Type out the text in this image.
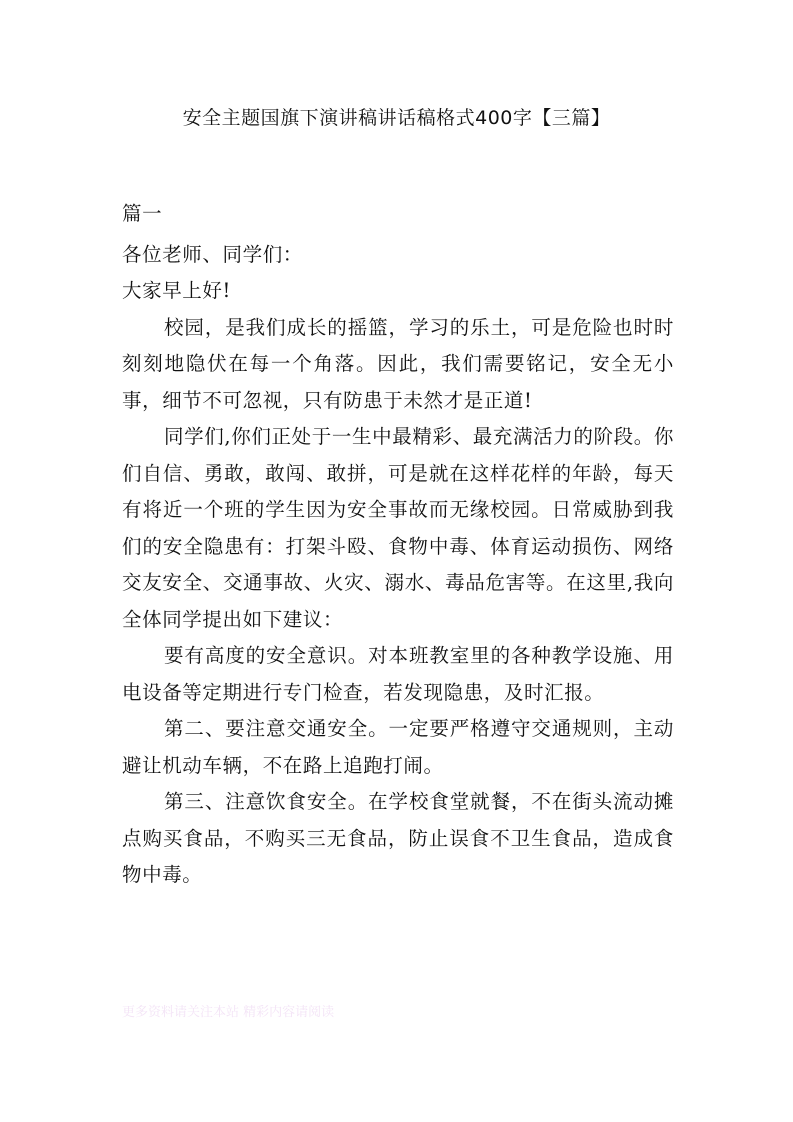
安全主题国旗下演讲稿讲话稿格式400字【三篇】

篇一

各位老师、同学们：

大家早上好!

校园，是我们成长的摇篮，学习的乐土，可是危险也时时刻刻地隐伏在每一个角落。因此，我们需要铭记，安全无小事，细节不可忽视，只有防患于未然才是正道!

同学们,你们正处于一生中最精彩、最充满活力的阶段。你们自信、勇敢，敢闯、敢拼，可是就在这样花样的年龄，每天有将近一个班的学生因为安全事故而无缘校园。日常威胁到我们的安全隐患有：打架斗殴、食物中毒、体育运动损伤、网络交友安全、交通事故、火灾、溺水、毒品危害等。在这里,我向全体同学提出如下建议：

要有高度的安全意识。对本班教室里的各种教学设施、用电设备等定期进行专门检查，若发现隐患，及时汇报。

第二、要注意交通安全。一定要严格遵守交通规则，主动避让机动车辆，不在路上追跑打闹。

第三、注意饮食安全。在学校食堂就餐，不在街头流动摊点购买食品，不购买三无食品，防止误食不卫生食品，造成食物中毒。

更多资料请关注本站 精彩内容请阅读
